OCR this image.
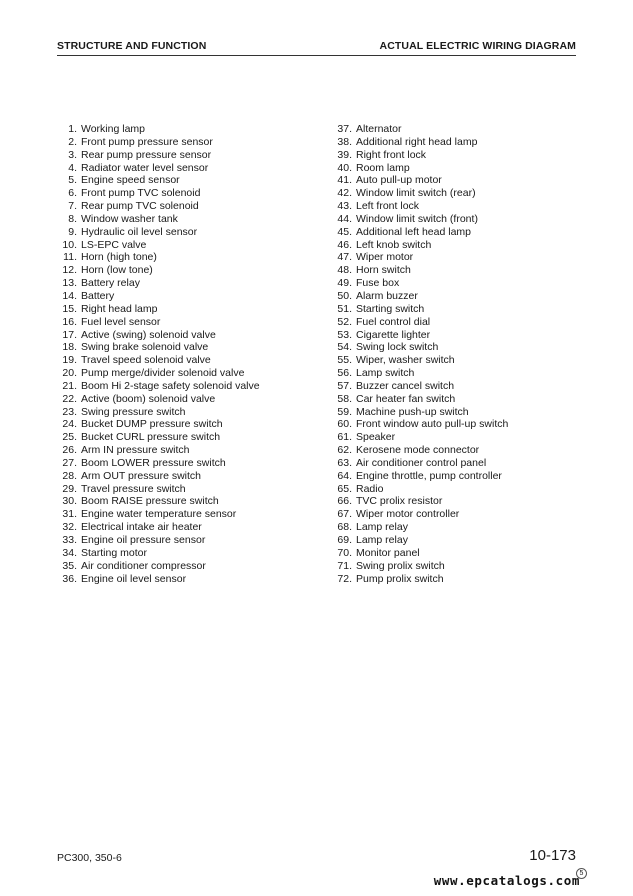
STRUCTURE AND FUNCTION	ACTUAL ELECTRIC WIRING DIAGRAM
1. Working lamp
2. Front pump pressure sensor
3. Rear pump pressure sensor
4. Radiator water level sensor
5. Engine speed sensor
6. Front pump TVC solenoid
7. Rear pump TVC solenoid
8. Window washer tank
9. Hydraulic oil level sensor
10. LS-EPC valve
11. Horn (high tone)
12. Horn (low tone)
13. Battery relay
14. Battery
15. Right head lamp
16. Fuel level sensor
17. Active (swing) solenoid valve
18. Swing brake solenoid valve
19. Travel speed solenoid valve
20. Pump merge/divider solenoid valve
21. Boom Hi 2-stage safety solenoid valve
22. Active (boom) solenoid valve
23. Swing pressure switch
24. Bucket DUMP pressure switch
25. Bucket CURL pressure switch
26. Arm IN pressure switch
27. Boom LOWER pressure switch
28. Arm OUT pressure switch
29. Travel pressure switch
30. Boom RAISE pressure switch
31. Engine water temperature sensor
32. Electrical intake air heater
33. Engine oil pressure sensor
34. Starting motor
35. Air conditioner compressor
36. Engine oil level sensor
37. Alternator
38. Additional right head lamp
39. Right front lock
40. Room lamp
41. Auto pull-up motor
42. Window limit switch (rear)
43. Left front lock
44. Window limit switch (front)
45. Additional left head lamp
46. Left knob switch
47. Wiper motor
48. Horn switch
49. Fuse box
50. Alarm buzzer
51. Starting switch
52. Fuel control dial
53. Cigarette lighter
54. Swing lock switch
55. Wiper, washer switch
56. Lamp switch
57. Buzzer cancel switch
58. Car heater fan switch
59. Machine push-up switch
60. Front window auto pull-up switch
61. Speaker
62. Kerosene mode connector
63. Air conditioner control panel
64. Engine throttle, pump controller
65. Radio
66. TVC prolix resistor
67. Wiper motor controller
68. Lamp relay
69. Lamp relay
70. Monitor panel
71. Swing prolix switch
72. Pump prolix switch
PC300, 350-6	10-173
5
www.epcatalogs.com
